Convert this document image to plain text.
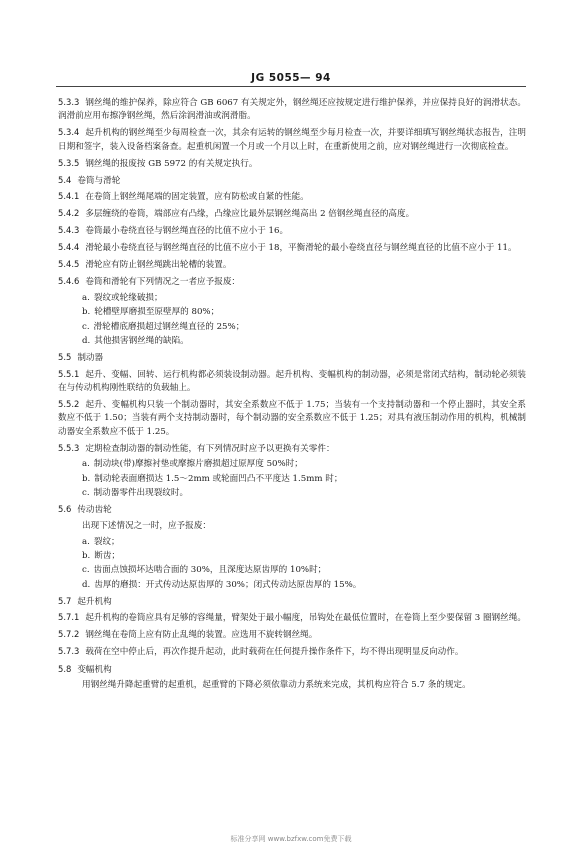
JG 5055— 94
5.3.3 钢丝绳的维护保养，除应符合 GB 6067 有关规定外，钢丝绳还应按规定进行维护保养，并应保持良好的润滑状态。润滑前应用布擦净钢丝绳，然后涂润滑油或润滑脂。
5.3.4 起升机构的钢丝绳至少每周检查一次，其余有运转的钢丝绳至少每月检查一次，并要详细填写钢丝绳状态报告，注明日期和签字，装入设备档案备查。起重机闲置一个月或一个月以上时，在重新使用之前，应对钢丝绳进行一次彻底检查。
5.3.5 钢丝绳的报废按 GB 5972 的有关规定执行。
5.4 卷筒与滑轮
5.4.1 在卷筒上钢丝绳尾端的固定装置，应有防松或自紧的性能。
5.4.2 多层缠绕的卷筒，端部应有凸缘，凸缘应比最外层钢丝绳高出 2 倍钢丝绳直径的高度。
5.4.3 卷筒最小卷绕直径与钢丝绳直径的比值不应小于 16。
5.4.4 滑轮最小卷绕直径与钢丝绳直径的比值不应小于 18，平衡滑轮的最小卷绕直径与钢丝绳直径的比值不应小于 11。
5.4.5 滑轮应有防止钢丝绳跳出轮槽的装置。
5.4.6 卷筒和滑轮有下列情况之一者应予报废：
a. 裂纹或轮缘破损；
b. 轮槽壁厚磨损至原壁厚的 80%；
c. 滑轮槽底磨损超过钢丝绳直径的 25%；
d. 其他损害钢丝绳的缺陷。
5.5 制动器
5.5.1 起升、变幅、回转、运行机构都必须装设制动器。起升机构、变幅机构的制动器，必须是常闭式结构，制动轮必须装在与传动机构刚性联结的负载轴上。
5.5.2 起升、变幅机构只装一个制动器时，其安全系数应不低于 1.75；当装有一个支持制动器和一个停止器时，其安全系数应不低于 1.50；当装有两个支持制动器时，每个制动器的安全系数应不低于 1.25；对具有液压制动作用的机构，机械制动器安全系数应不低于 1.25。
5.5.3 定期检查制动器的制动性能，有下列情况时应予以更换有关零件：
a. 制动块(带)摩擦衬垫或摩擦片磨损超过原厚度 50%时；
b. 制动轮表面磨损达 1.5～2mm 或轮面凹凸不平度达 1.5mm 时；
c. 制动器零件出现裂纹时。
5.6 传动齿轮
出现下述情况之一时，应予报废：
a. 裂纹；
b. 断齿；
c. 齿面点蚀损坏达啮合面的 30%，且深度达原齿厚的 10%时；
d. 齿厚的磨损：开式传动达原齿厚的 30%；闭式传动达原齿厚的 15%。
5.7 起升机构
5.7.1 起升机构的卷筒应具有足够的容绳量，臂架处于最小幅度，吊钩处在最低位置时，在卷筒上至少要保留 3 圈钢丝绳。
5.7.2 钢丝绳在卷筒上应有防止乱绳的装置。应选用不旋转钢丝绳。
5.7.3 载荷在空中停止后，再次作提升起动，此时载荷在任何提升操作条件下，均不得出现明显反向动作。
5.8 变幅机构
用钢丝绳升降起重臂的起重机，起重臂的下降必须依靠动力系统来完成，其机构应符合 5.7 条的规定。
标准分享网 www.bzfxw.com免费下载
